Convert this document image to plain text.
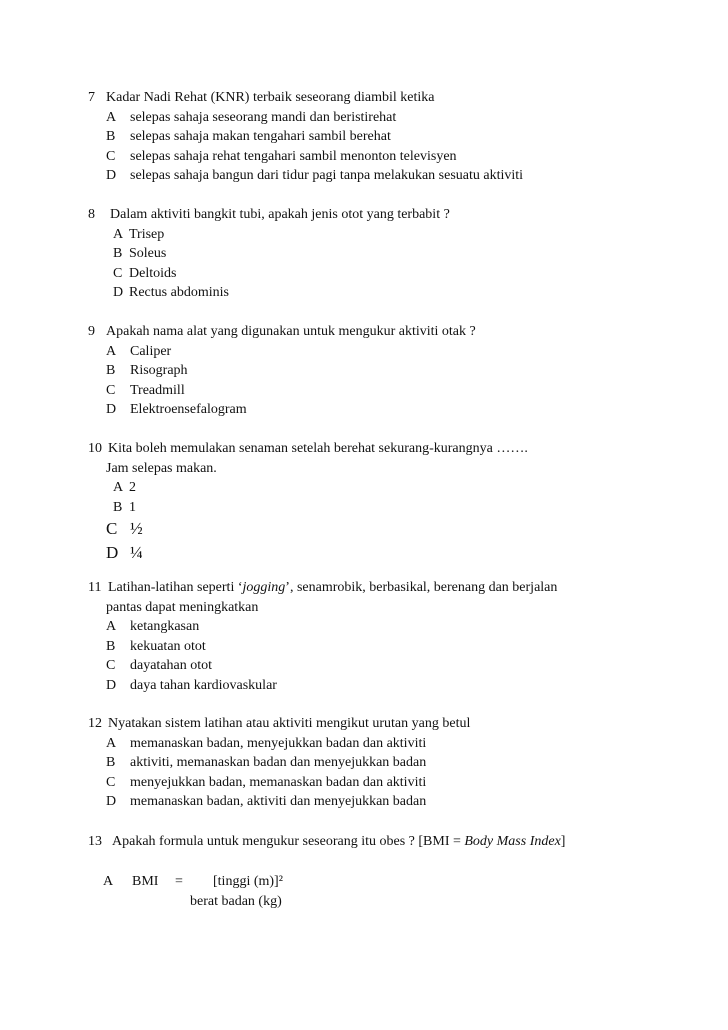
7 Kadar Nadi Rehat (KNR) terbaik seseorang diambil ketika
A selepas sahaja seseorang mandi dan beristirehat
B	selepas sahaja makan tengahari sambil berehat
C	selepas sahaja rehat tengahari sambil menonton televisyen
D selepas sahaja bangun dari tidur pagi tanpa melakukan sesuatu aktiviti
8	Dalam aktiviti bangkit tubi, apakah jenis otot yang terbabit ?
A Trisep
B Soleus
C Deltoids
D Rectus abdominis
9 Apakah nama alat yang digunakan untuk mengukur aktiviti otak ?
A Caliper
B	Risograph
C	Treadmill
D Elektroensefalogram
10 Kita boleh memulakan senaman setelah berehat sekurang-kurangnya …….
Jam selepas makan.
A 2
B 1
C ½
D ¼
11 Latihan-latihan seperti ‘jogging’, senamrobik, berbasikal, berenang dan berjalan
pantas dapat meningkatkan
A ketangkasan
B	kekuatan otot
C	dayatahan otot
D daya tahan kardiovaskular
12 Nyatakan sistem latihan atau aktiviti mengikut urutan yang betul
A memanaskan badan, menyejukkan badan dan aktiviti
B	aktiviti, memanaskan badan dan menyejukkan badan
C	menyejukkan badan, memanaskan badan dan aktiviti
D memanaskan badan, aktiviti dan menyejukkan badan
13 Apakah formula untuk mengukur seseorang itu obes ? [BMI = Body Mass Index]
A BMI = [tinggi (m)]²
berat badan (kg)
